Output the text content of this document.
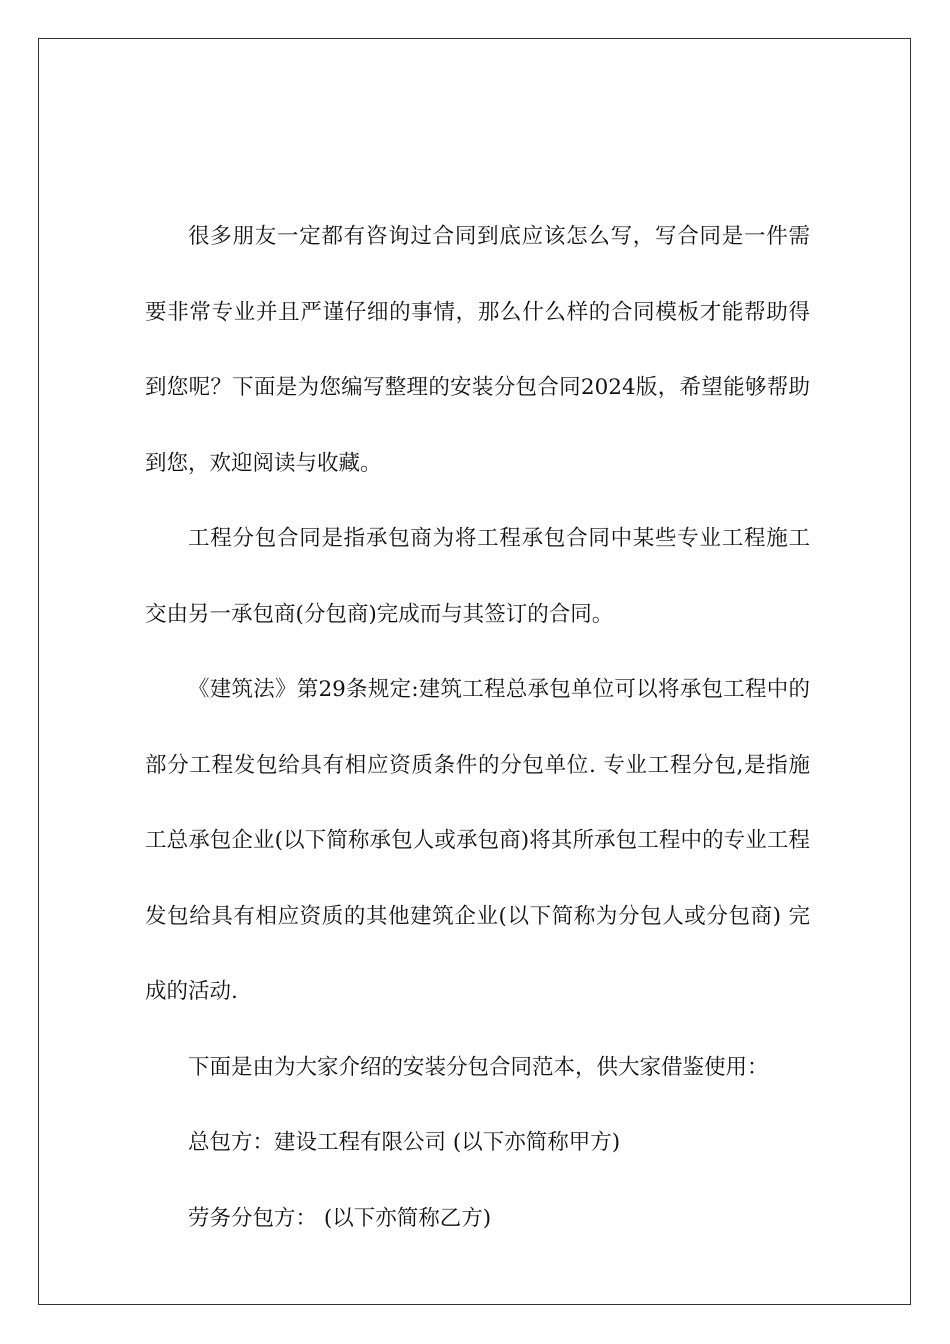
很多朋友一定都有咨询过合同到底应该怎么写，写合同是一件需要非常专业并且严谨仔细的事情，那么什么样的合同模板才能帮助得到您呢？下面是为您编写整理的安装分包合同2024版，希望能够帮助到您，欢迎阅读与收藏。

工程分包合同是指承包商为将工程承包合同中某些专业工程施工交由另一承包商(分包商)完成而与其签订的合同。

《建筑法》第29条规定:建筑工程总承包单位可以将承包工程中的部分工程发包给具有相应资质条件的分包单位. 专业工程分包,是指施工总承包企业(以下简称承包人或承包商)将其所承包工程中的专业工程发包给具有相应资质的其他建筑企业(以下简称为分包人或分包商) 完成的活动.

下面是由为大家介绍的安装分包合同范本，供大家借鉴使用：

总包方：建设工程有限公司 (以下亦简称甲方)

劳务分包方： (以下亦简称乙方)
